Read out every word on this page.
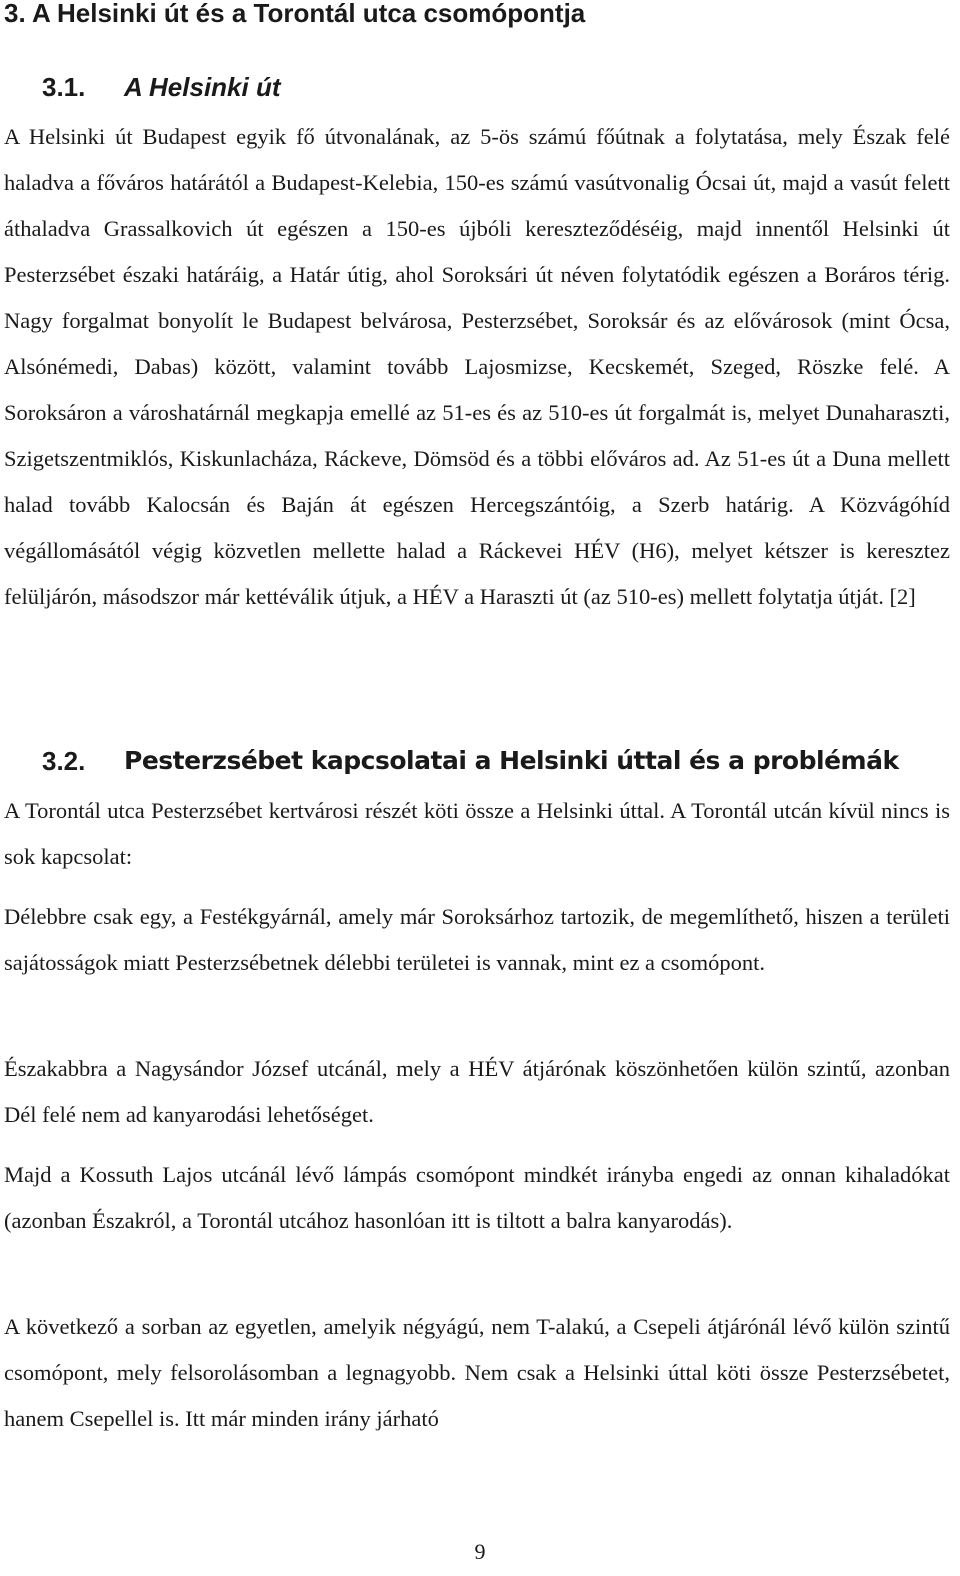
3. A Helsinki út és a Torontál utca csomópontja
3.1. A Helsinki út

A Helsinki út Budapest egyik fő útvonalának, az 5-ös számú főútnak a folytatása, mely Észak felé haladva a főváros határától a Budapest-Kelebia, 150-es számú vasútvonalig Ócsai út, majd a vasút felett áthaladva Grassalkovich út egészen a 150-es újbóli kereszteződéséig, majd innentől Helsinki út Pesterzsébet északi határáig, a Határ útig, ahol Soroksári út néven folytatódik egészen a Boráros térig. Nagy forgalmat bonyolít le Budapest belvárosa, Pesterzsébet, Soroksár és az elővárosok (mint Ócsa, Alsónémedi, Dabas) között, valamint tovább Lajosmizse, Kecskemét, Szeged, Röszke felé. A Soroksáron a városhatárnál megkapja emellé az 51-es és az 510-es út forgalmát is, melyet Dunaharaszti, Szigetszentmiklós, Kiskunlacháza, Ráckeve, Dömsöd és a többi előváros ad. Az 51-es út a Duna mellett halad tovább Kalocsán és Baján át egészen Hercegszántóig, a Szerb határig. A Közvágóhíd végállomásától végig közvetlen mellette halad a Ráckevei HÉV (H6), melyet kétszer is keresztez felüljárón, másodszor már kettéválik útjuk, a HÉV a Haraszti út (az 510-es) mellett folytatja útját. [2]

3.2. Pesterzsébet kapcsolatai a Helsinki úttal és a problémák

A Torontál utca Pesterzsébet kertvárosi részét köti össze a Helsinki úttal. A Torontál utcán kívül nincs is sok kapcsolat:

Délebbre csak egy, a Festékgyárnál, amely már Soroksárhoz tartozik, de megemlíthető, hiszen a területi sajátosságok miatt Pesterzsébetnek délebbi területei is vannak, mint ez a csomópont.

Északabbra a Nagysándor József utcánál, mely a HÉV átjárónak köszönhetően külön szintű, azonban Dél felé nem ad kanyarodási lehetőséget.

Majd a Kossuth Lajos utcánál lévő lámpás csomópont mindkét irányba engedi az onnan kihaladókat (azonban Északról, a Torontál utcához hasonlóan itt is tiltott a balra kanyarodás).

A következő a sorban az egyetlen, amelyik négyágú, nem T-alakú, a Csepeli átjárónál lévő külön szintű csomópont, mely felsorolásomban a legnagyobb. Nem csak a Helsinki úttal köti össze Pesterzsébetet, hanem Csepellel is. Itt már minden irány járható

9
